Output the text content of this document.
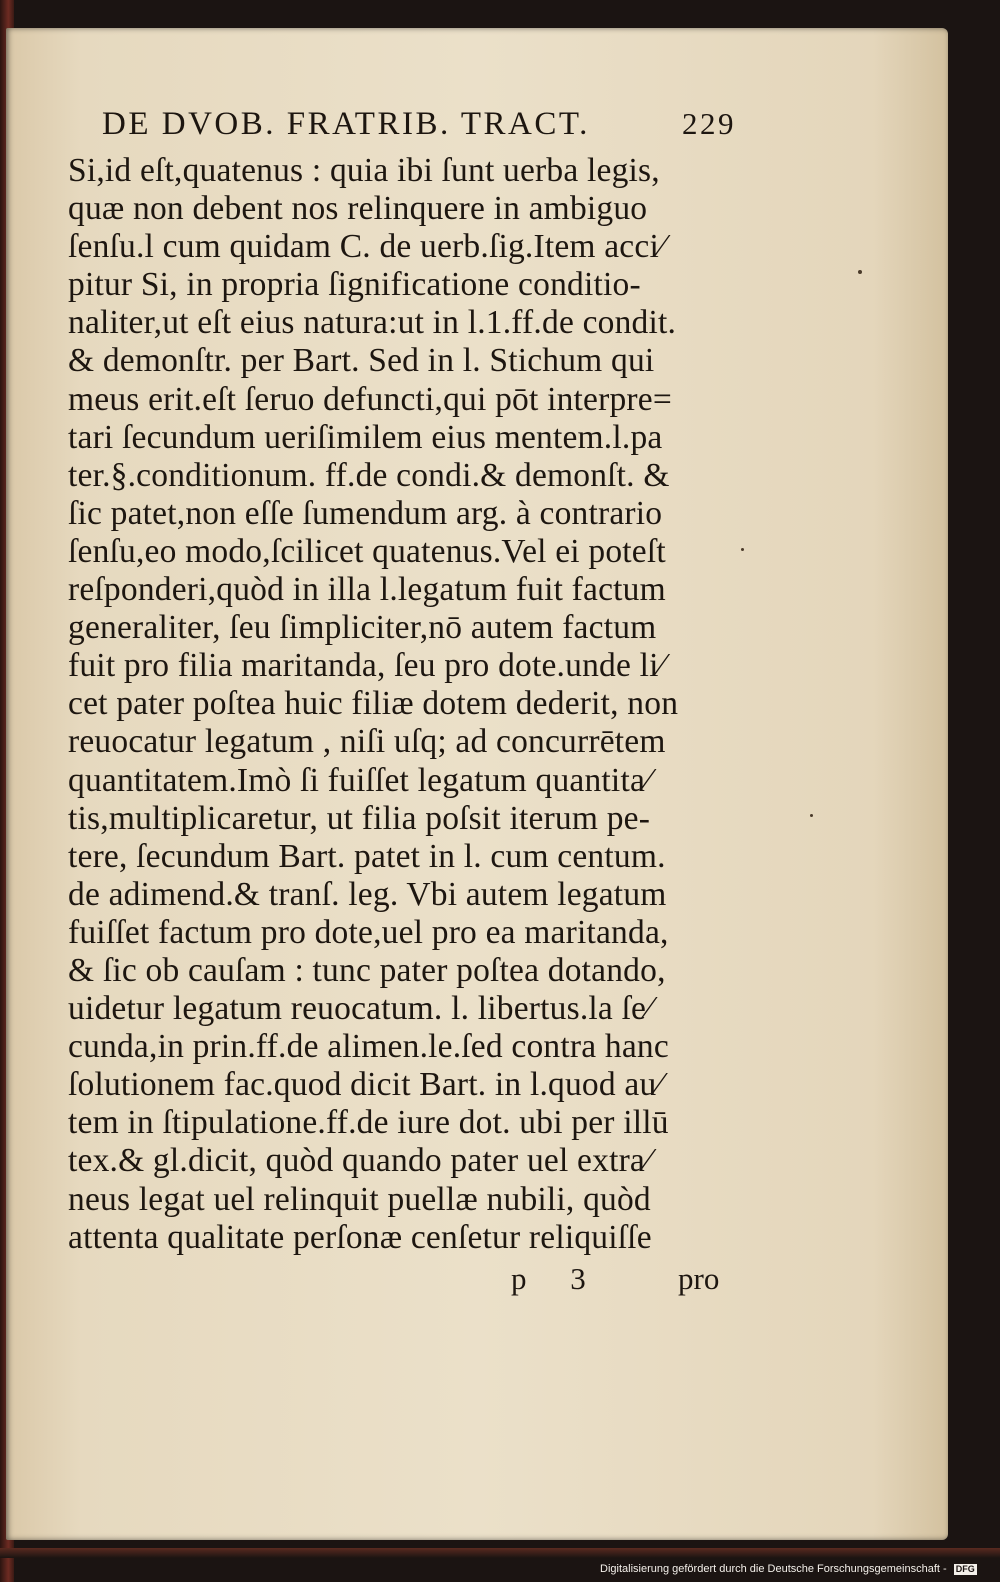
DE DVOB. FRATRIB. TRACT.	229
Si,id eſt,quatenus : quia ibi ſunt uerba legis,
quæ non debent nos relinquere in ambiguo
ſenſu.l cum quidam C. de uerb.ſig.Item acci⁄
pitur Si, in propria ſignificatione conditio-
naliter,ut eſt eius natura:ut in l.1.ff.de condit.
& demonſtr. per Bart. Sed in l. Stichum qui
meus erit.eſt ſeruo defuncti,qui pōt interpre=
tari ſecundum ueriſimilem eius mentem.l.pa
ter.§.conditionum. ff.de condi.& demonſt. &
ſic patet,non eſſe ſumendum arg. à contrario
ſenſu,eo modo,ſcilicet quatenus.Vel ei poteſt
reſponderi,quòd in illa l.legatum fuit factum
generaliter, ſeu ſimpliciter,nō autem factum
fuit pro filia maritanda, ſeu pro dote.unde li⁄
cet pater poſtea huic filiæ dotem dederit, non
reuocatur legatum , niſi uſq; ad concurrētem
quantitatem.Imò ſi fuiſſet legatum quantita⁄
tis,multiplicaretur, ut filia poſsit iterum pe-
tere, ſecundum Bart. patet in l. cum centum.
de adimend.& tranſ. leg. Vbi autem legatum
fuiſſet factum pro dote,uel pro ea maritanda,
& ſic ob cauſam : tunc pater poſtea dotando,
uidetur legatum reuocatum. l. libertus.la ſe⁄
cunda,in prin.ff.de alimen.le.ſed contra hanc
ſolutionem fac.quod dicit Bart. in l.quod au⁄
tem in ſtipulatione.ff.de iure dot. ubi per illū
tex.& gl.dicit, quòd quando pater uel extra⁄
neus legat uel relinquit puellæ nubili, quòd
attenta qualitate perſonæ cenſetur reliquiſſe
p 3 pro
Digitalisierung gefördert durch die Deutsche Forschungsgemeinschaft - DFG
